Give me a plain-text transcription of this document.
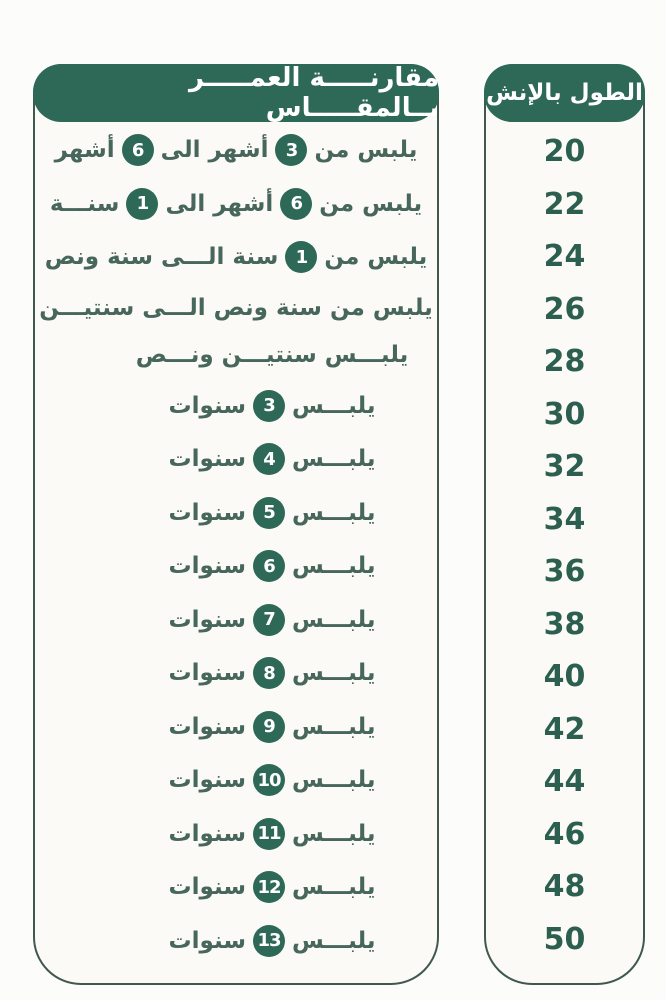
مقارنـــــة العمـــــر بــالمقـــــاس
يلبس من
3
أشهر الى
6
أشهر
يلبس من
6
أشهر الى
1
سنـــة
يلبس من
1
سنة الـــى سنة ونص
يلبس من سنة ونص الـــى سنتيـــن
يلبـــس سنتيـــن ونـــص
يلبـــس
3
سنوات
يلبـــس
4
سنوات
يلبـــس
5
سنوات
يلبـــس
6
سنوات
يلبـــس
7
سنوات
يلبـــس
8
سنوات
يلبـــس
9
سنوات
يلبـــس
10
سنوات
يلبـــس
11
سنوات
يلبـــس
12
سنوات
يلبـــس
13
سنوات
الطول بالإنش
20
22
24
26
28
30
32
34
36
38
40
42
44
46
48
50
